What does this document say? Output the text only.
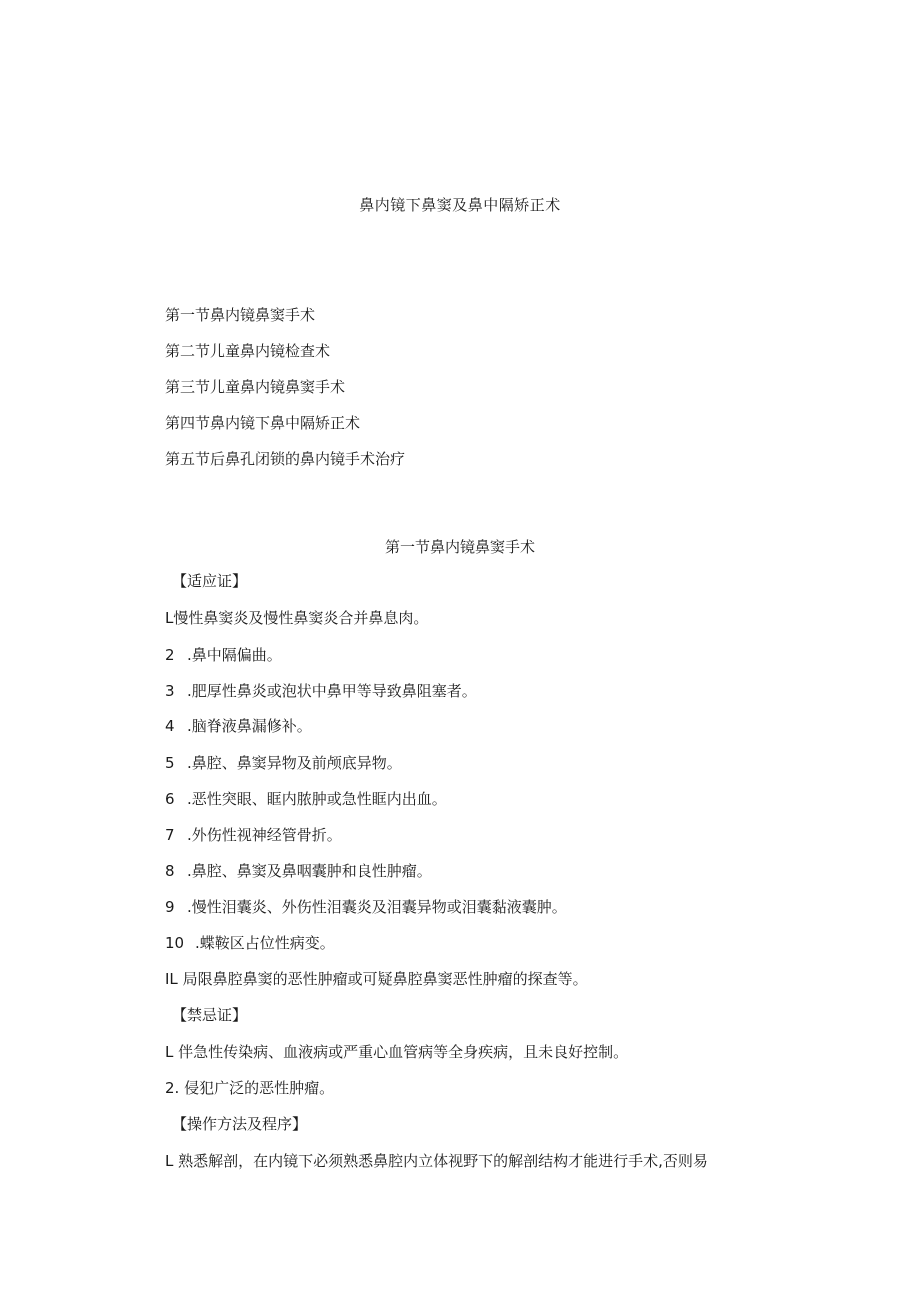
鼻内镜下鼻窦及鼻中隔矫正术
第一节鼻内镜鼻窦手术
第二节儿童鼻内镜检查术
第三节儿童鼻内镜鼻窦手术
第四节鼻内镜下鼻中隔矫正术
第五节后鼻孔闭锁的鼻内镜手术治疗
第一节鼻内镜鼻窦手术
【适应证】
L慢性鼻窦炎及慢性鼻窦炎合并鼻息肉。
2 .鼻中隔偏曲。
3 .肥厚性鼻炎或泡状中鼻甲等导致鼻阻塞者。
4 .脑脊液鼻漏修补。
5 .鼻腔、鼻窦异物及前颅底异物。
6 .恶性突眼、眶内脓肿或急性眶内出血。
7 .外伤性视神经管骨折。
8 .鼻腔、鼻窦及鼻咽囊肿和良性肿瘤。
9 .慢性泪囊炎、外伤性泪囊炎及泪囊异物或泪囊黏液囊肿。
10 .蝶鞍区占位性病变。
IL 局限鼻腔鼻窦的恶性肿瘤或可疑鼻腔鼻窦恶性肿瘤的探查等。
【禁忌证】
L 伴急性传染病、血液病或严重心血管病等全身疾病，且未良好控制。
2. 侵犯广泛的恶性肿瘤。
【操作方法及程序】
L 熟悉解剖，在内镜下必须熟悉鼻腔内立体视野下的解剖结构才能进行手术,否则易
